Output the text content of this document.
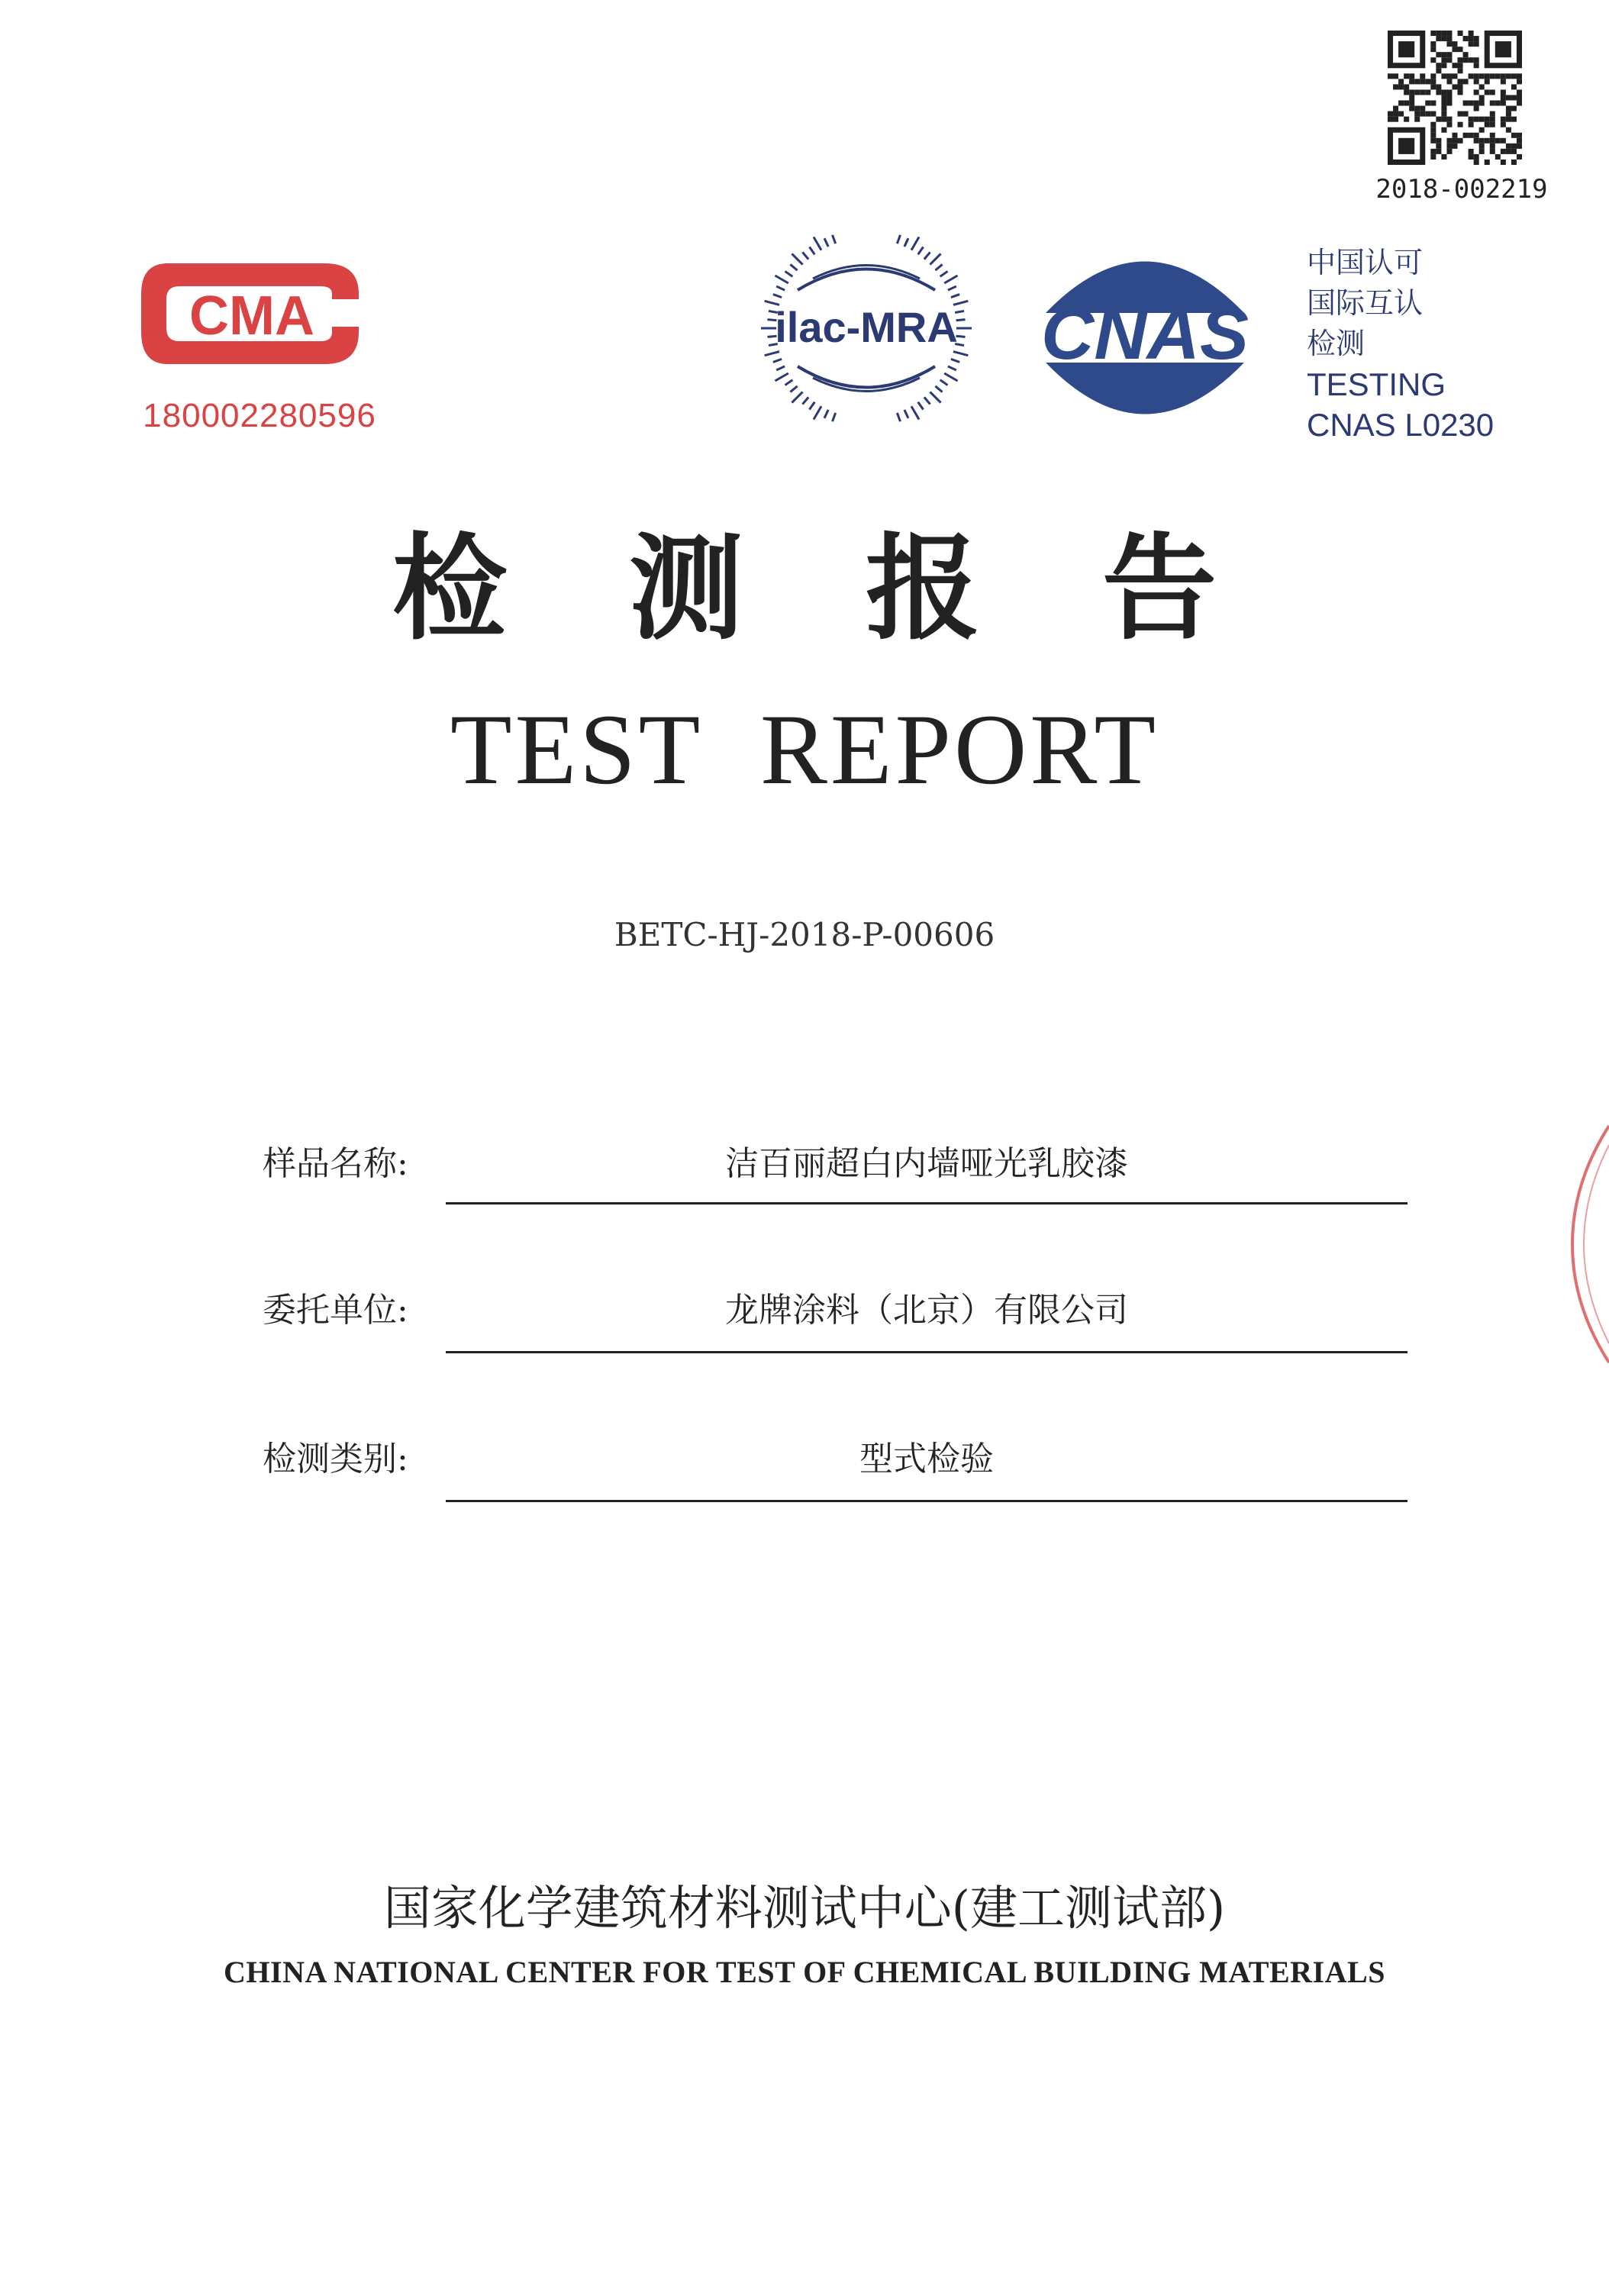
2018-002219
CMA
180002280596
ilac-MRA CNAS
中国认可
国际互认
检测
TESTING
CNAS L0230
检测报告
TEST REPORT
BETC-HJ-2018-P-00606
样品名称:	洁百丽超白内墙哑光乳胶漆
委托单位:	龙牌涂料（北京）有限公司
检测类别:	型式检验
国家化学建筑材料测试中心(建工测试部)
CHINA NATIONAL CENTER FOR TEST OF CHEMICAL BUILDING MATERIALS
